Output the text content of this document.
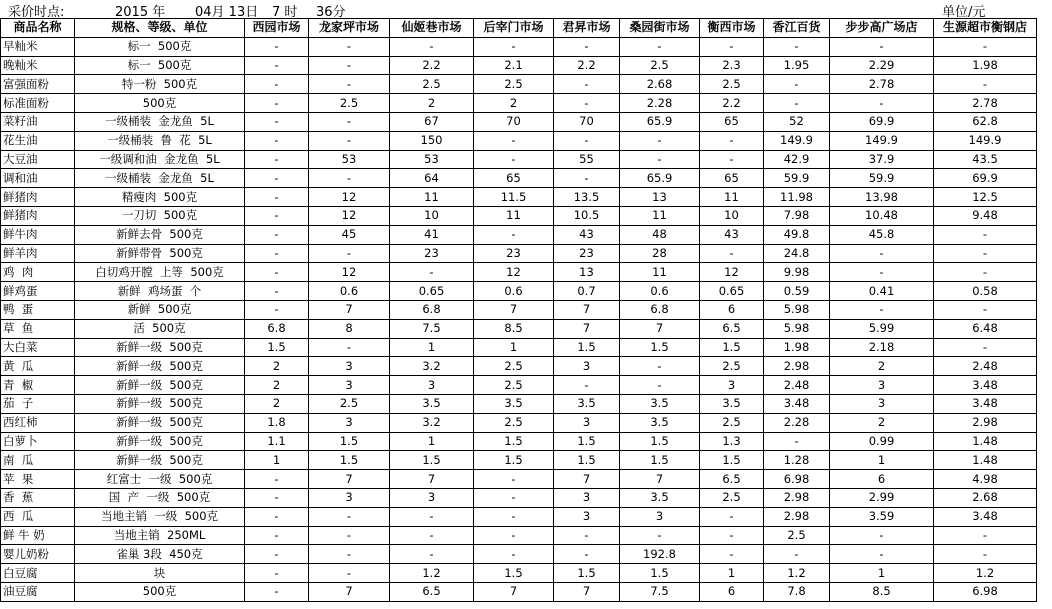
采价时点:	2015 年 04月 13日 7 时 36分	单位/元
商品名称	规格、等级、单位	西园市场	龙家坪市场	仙姬巷市场	后宰门市场	君昇市场	桑园街市场	衡西市场	香江百货	步步高广场店	生源超市衡钢店
早籼米	标一  500克	-	-	-	-	-	-	-	-	-	-
晚籼米	标一  500克	-	-	2.2	2.1	2.2	2.5	2.3	1.95	2.29	1.98
富强面粉	特一粉  500克	-	-	2.5	2.5	-	2.68	2.5	-	2.78	-
标准面粉	500克	-	2.5	2	2	-	2.28	2.2	-	-	2.78
菜籽油	一级桶装  金龙鱼  5L	-	-	67	70	70	65.9	65	52	69.9	62.8
花生油	一级桶装  鲁  花  5L	-	-	150	-	-	-	-	149.9	149.9	149.9
大豆油	一级调和油  金龙鱼  5L	-	53	53	-	55	-	-	42.9	37.9	43.5
调和油	一级桶装  金龙鱼  5L	-	-	64	65	-	65.9	65	59.9	59.9	69.9
鲜猪肉	精瘦肉  500克	-	12	11	11.5	13.5	13	11	11.98	13.98	12.5
鲜猪肉	一刀切  500克	-	12	10	11	10.5	11	10	7.98	10.48	9.48
鲜牛肉	新鲜去骨  500克	-	45	41	-	43	48	43	49.8	45.8	-
鲜羊肉	新鲜带骨  500克	-	-	23	23	23	28	-	24.8	-	-
鸡  肉	白切鸡开膛  上等  500克	-	12	-	12	13	11	12	9.98	-	-
鲜鸡蛋	新鲜  鸡场蛋  个	-	0.6	0.65	0.6	0.7	0.6	0.65	0.59	0.41	0.58
鸭  蛋	新鲜  500克	-	7	6.8	7	7	6.8	6	5.98	-	-
草  鱼	活  500克	6.8	8	7.5	8.5	7	7	6.5	5.98	5.99	6.48
大白菜	新鲜一级  500克	1.5	-	1	1	1.5	1.5	1.5	1.98	2.18	-
黄  瓜	新鲜一级  500克	2	3	3.2	2.5	3	-	2.5	2.98	2	2.48
青  椒	新鲜一级  500克	2	3	3	2.5	-	-	3	2.48	3	3.48
茄  子	新鲜一级  500克	2	2.5	3.5	3.5	3.5	3.5	3.5	3.48	3	3.48
西红柿	新鲜一级  500克	1.8	3	3.2	2.5	3	3.5	2.5	2.28	2	2.98
白萝卜	新鲜一级  500克	1.1	1.5	1	1.5	1.5	1.5	1.3	-	0.99	1.48
南  瓜	新鲜一级  500克	1	1.5	1.5	1.5	1.5	1.5	1.5	1.28	1	1.48
苹  果	红富士  一级  500克	-	7	7	-	7	7	6.5	6.98	6	4.98
香  蕉	国  产  一级  500克	-	3	3	-	3	3.5	2.5	2.98	2.99	2.68
西  瓜	当地主销  一级  500克	-	-	-	-	3	3	-	2.98	3.59	3.48
鲜 牛 奶	当地主销  250ML	-	-	-	-	-	-	-	2.5	-	-
婴儿奶粉	雀巢 3段  450克	-	-	-	-	-	192.8	-	-	-	-
白豆腐	块	-	-	1.2	1.5	1.5	1.5	1	1.2	1	1.2
油豆腐	500克	-	7	6.5	7	7	7.5	6	7.8	8.5	6.98
